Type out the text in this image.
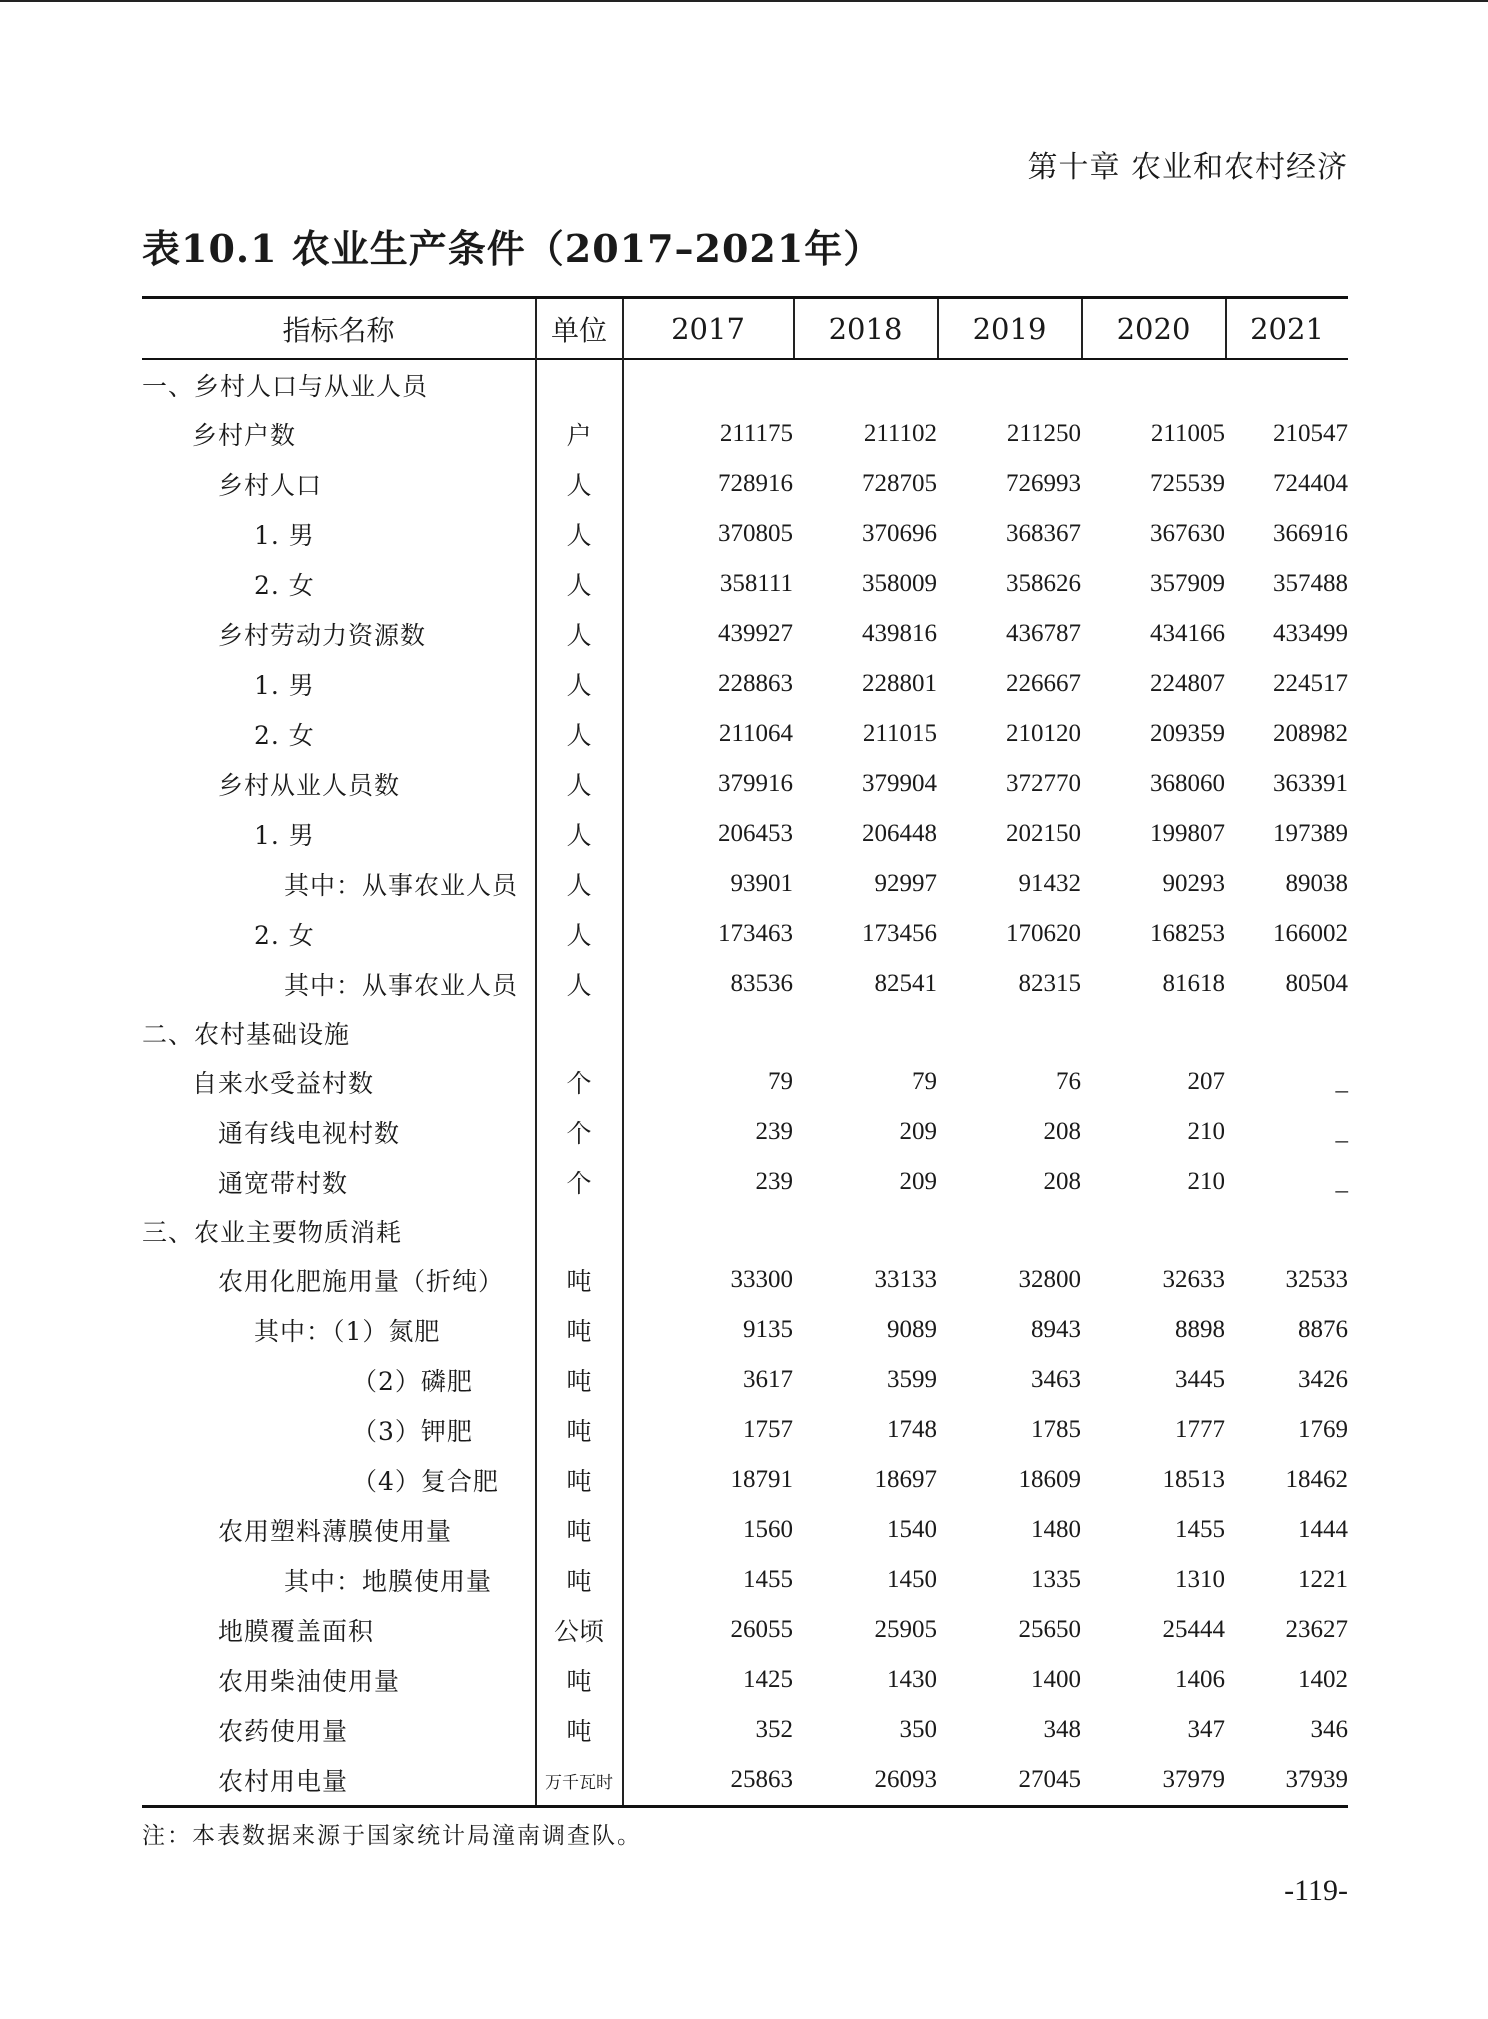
第十章 农业和农村经济
表10.1 农业生产条件（2017–2021年）
指标名称	单位	2017	2018	2019	2020	2021
一、乡村人口与从业人员
乡村户数	户	211175	211102	211250	211005	210547
乡村人口	人	728916	728705	726993	725539	724404
1. 男	人	370805	370696	368367	367630	366916
2. 女	人	358111	358009	358626	357909	357488
乡村劳动力资源数	人	439927	439816	436787	434166	433499
1. 男	人	228863	228801	226667	224807	224517
2. 女	人	211064	211015	210120	209359	208982
乡村从业人员数	人	379916	379904	372770	368060	363391
1. 男	人	206453	206448	202150	199807	197389
其中：从事农业人员	人	93901	92997	91432	90293	89038
2. 女	人	173463	173456	170620	168253	166002
其中：从事农业人员	人	83536	82541	82315	81618	80504
二、农村基础设施
自来水受益村数	个	79	79	76	207	_
通有线电视村数	个	239	209	208	210	_
通宽带村数	个	239	209	208	210	_
三、农业主要物质消耗
农用化肥施用量（折纯）	吨	33300	33133	32800	32633	32533
其中：（1）氮肥	吨	9135	9089	8943	8898	8876
（2）磷肥	吨	3617	3599	3463	3445	3426
（3）钾肥	吨	1757	1748	1785	1777	1769
（4）复合肥	吨	18791	18697	18609	18513	18462
农用塑料薄膜使用量	吨	1560	1540	1480	1455	1444
其中：地膜使用量	吨	1455	1450	1335	1310	1221
地膜覆盖面积	公顷	26055	25905	25650	25444	23627
农用柴油使用量	吨	1425	1430	1400	1406	1402
农药使用量	吨	352	350	348	347	346
农村用电量	万千瓦时	25863	26093	27045	37979	37939
注：本表数据来源于国家统计局潼南调查队。
-119-
